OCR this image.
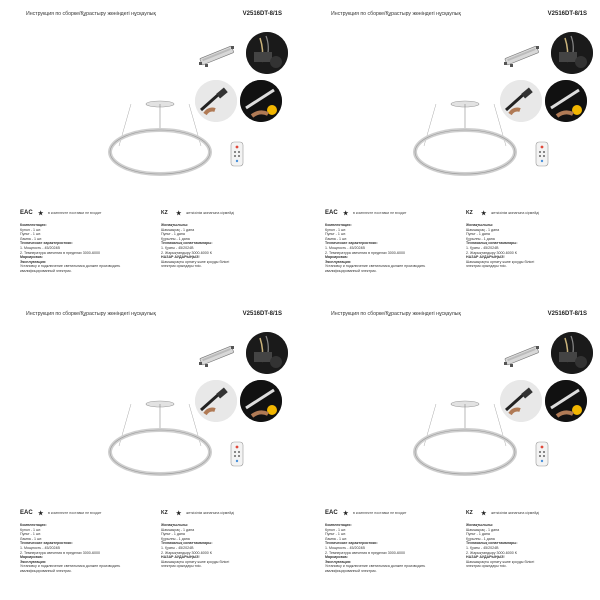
Инструкция по сборке/Құрастыру жөніндегі нұсқаулық	V2516DT-8/1S
EAC ★ в комплекте поставки не входит	KZ ★ жеткізілім жинағына кірмейді
Комплектация:
Купол - 1 шт.
Пульт - 1 шт.
Лампа - 1 шт.
Технические характеристики:
1. Мощность - 45/2024В
2. Температура свечения в пределах 3000-6000
Маркировка:
Эксплуатация:
Установку и подключение светильника должен производить
квалифицированный электрик.
Жинақтылығы:
Шамшырақ - 1 дана
Пульт - 1 дана
Құрылғы - 1 дана
Техникалық сипаттамалары:
1. Қуаты - 45/2024В
2. Жарықтандыру 3000-6000 K
НАЗАР АУДАРЫҢЫЗ!
Шамшырақты орнату және қосуды білікті
электрик орындауы тиіс.
Инструкция по сборке/Құрастыру жөніндегі нұсқаулық	V2516DT-8/1S
EAC ★ в комплекте поставки не входит	KZ ★ жеткізілім жинағына кірмейді
Комплектация:
Купол - 1 шт.
Пульт - 1 шт.
Лампа - 1 шт.
Технические характеристики:
1. Мощность - 45/2024В
2. Температура свечения в пределах 3000-6000
Маркировка:
Эксплуатация:
Установку и подключение светильника должен производить
квалифицированный электрик.
Жинақтылығы:
Шамшырақ - 1 дана
Пульт - 1 дана
Құрылғы - 1 дана
Техникалық сипаттамалары:
1. Қуаты - 45/2024В
2. Жарықтандыру 3000-6000 K
НАЗАР АУДАРЫҢЫЗ!
Шамшырақты орнату және қосуды білікті
электрик орындауы тиіс.
Инструкция по сборке/Құрастыру жөніндегі нұсқаулық	V2516DT-8/1S
EAC ★ в комплекте поставки не входит	KZ ★ жеткізілім жинағына кірмейді
Комплектация:
Купол - 1 шт.
Пульт - 1 шт.
Лампа - 1 шт.
Технические характеристики:
1. Мощность - 45/2024В
2. Температура свечения в пределах 3000-6000
Маркировка:
Эксплуатация:
Установку и подключение светильника должен производить
квалифицированный электрик.
Жинақтылығы:
Шамшырақ - 1 дана
Пульт - 1 дана
Құрылғы - 1 дана
Техникалық сипаттамалары:
1. Қуаты - 45/2024В
2. Жарықтандыру 3000-6000 K
НАЗАР АУДАРЫҢЫЗ!
Шамшырақты орнату және қосуды білікті
электрик орындауы тиіс.
Инструкция по сборке/Құрастыру жөніндегі нұсқаулық	V2516DT-8/1S
EAC ★ в комплекте поставки не входит	KZ ★ жеткізілім жинағына кірмейді
Комплектация:
Купол - 1 шт.
Пульт - 1 шт.
Лампа - 1 шт.
Технические характеристики:
1. Мощность - 45/2024В
2. Температура свечения в пределах 3000-6000
Маркировка:
Эксплуатация:
Установку и подключение светильника должен производить
квалифицированный электрик.
Жинақтылығы:
Шамшырақ - 1 дана
Пульт - 1 дана
Құрылғы - 1 дана
Техникалық сипаттамалары:
1. Қуаты - 45/2024В
2. Жарықтандыру 3000-6000 K
НАЗАР АУДАРЫҢЫЗ!
Шамшырақты орнату және қосуды білікті
электрик орындауы тиіс.
